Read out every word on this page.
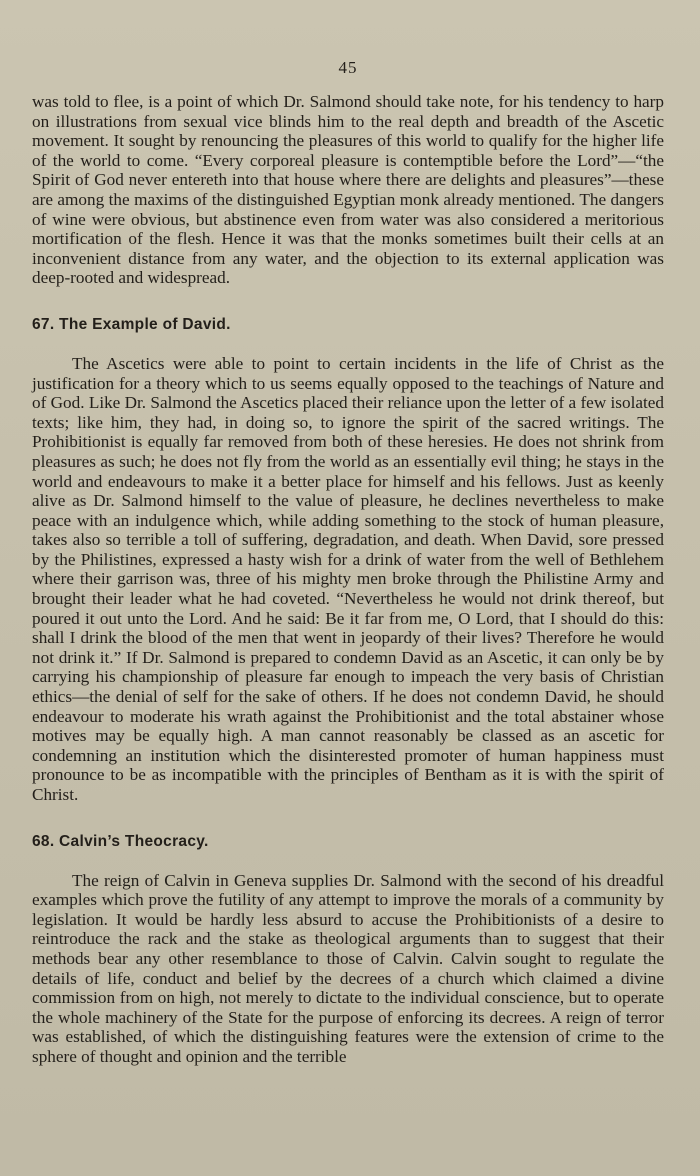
45

was told to flee, is a point of which Dr. Salmond should take note, for his tendency to harp on illustrations from sexual vice blinds him to the real depth and breadth of the Ascetic movement. It sought by renouncing the pleasures of this world to qualify for the higher life of the world to come. “Every corporeal pleasure is contemptible before the Lord”—“the Spirit of God never entereth into that house where there are delights and pleasures”—these are among the maxims of the distinguished Egyptian monk already mentioned. The dangers of wine were obvious, but abstinence even from water was also considered a meritorious mortification of the flesh. Hence it was that the monks sometimes built their cells at an inconvenient distance from any water, and the objection to its external application was deep-rooted and widespread.

67. The Example of David.

The Ascetics were able to point to certain incidents in the life of Christ as the justification for a theory which to us seems equally opposed to the teachings of Nature and of God. Like Dr. Salmond the Ascetics placed their reliance upon the letter of a few isolated texts; like him, they had, in doing so, to ignore the spirit of the sacred writings. The Prohibitionist is equally far removed from both of these heresies. He does not shrink from pleasures as such; he does not fly from the world as an essentially evil thing; he stays in the world and endeavours to make it a better place for himself and his fellows. Just as keenly alive as Dr. Salmond himself to the value of pleasure, he declines nevertheless to make peace with an indulgence which, while adding something to the stock of human pleasure, takes also so terrible a toll of suffering, degradation, and death. When David, sore pressed by the Philistines, expressed a hasty wish for a drink of water from the well of Bethlehem where their garrison was, three of his mighty men broke through the Philistine Army and brought their leader what he had coveted. “Nevertheless he would not drink thereof, but poured it out unto the Lord. And he said: Be it far from me, O Lord, that I should do this: shall I drink the blood of the men that went in jeopardy of their lives? Therefore he would not drink it.” If Dr. Salmond is prepared to condemn David as an Ascetic, it can only be by carrying his championship of pleasure far enough to impeach the very basis of Christian ethics—the denial of self for the sake of others. If he does not condemn David, he should endeavour to moderate his wrath against the Prohibitionist and the total abstainer whose motives may be equally high. A man cannot reasonably be classed as an ascetic for condemning an institution which the disinterested promoter of human happiness must pronounce to be as incompatible with the principles of Bentham as it is with the spirit of Christ.

68. Calvin’s Theocracy.

The reign of Calvin in Geneva supplies Dr. Salmond with the second of his dreadful examples which prove the futility of any attempt to improve the morals of a community by legislation. It would be hardly less absurd to accuse the Prohibitionists of a desire to reintroduce the rack and the stake as theological arguments than to suggest that their methods bear any other resemblance to those of Calvin. Calvin sought to regulate the details of life, conduct and belief by the decrees of a church which claimed a divine commission from on high, not merely to dictate to the individual conscience, but to operate the whole machinery of the State for the purpose of enforcing its decrees. A reign of terror was established, of which the distinguishing features were the extension of crime to the sphere of thought and opinion and the terrible
